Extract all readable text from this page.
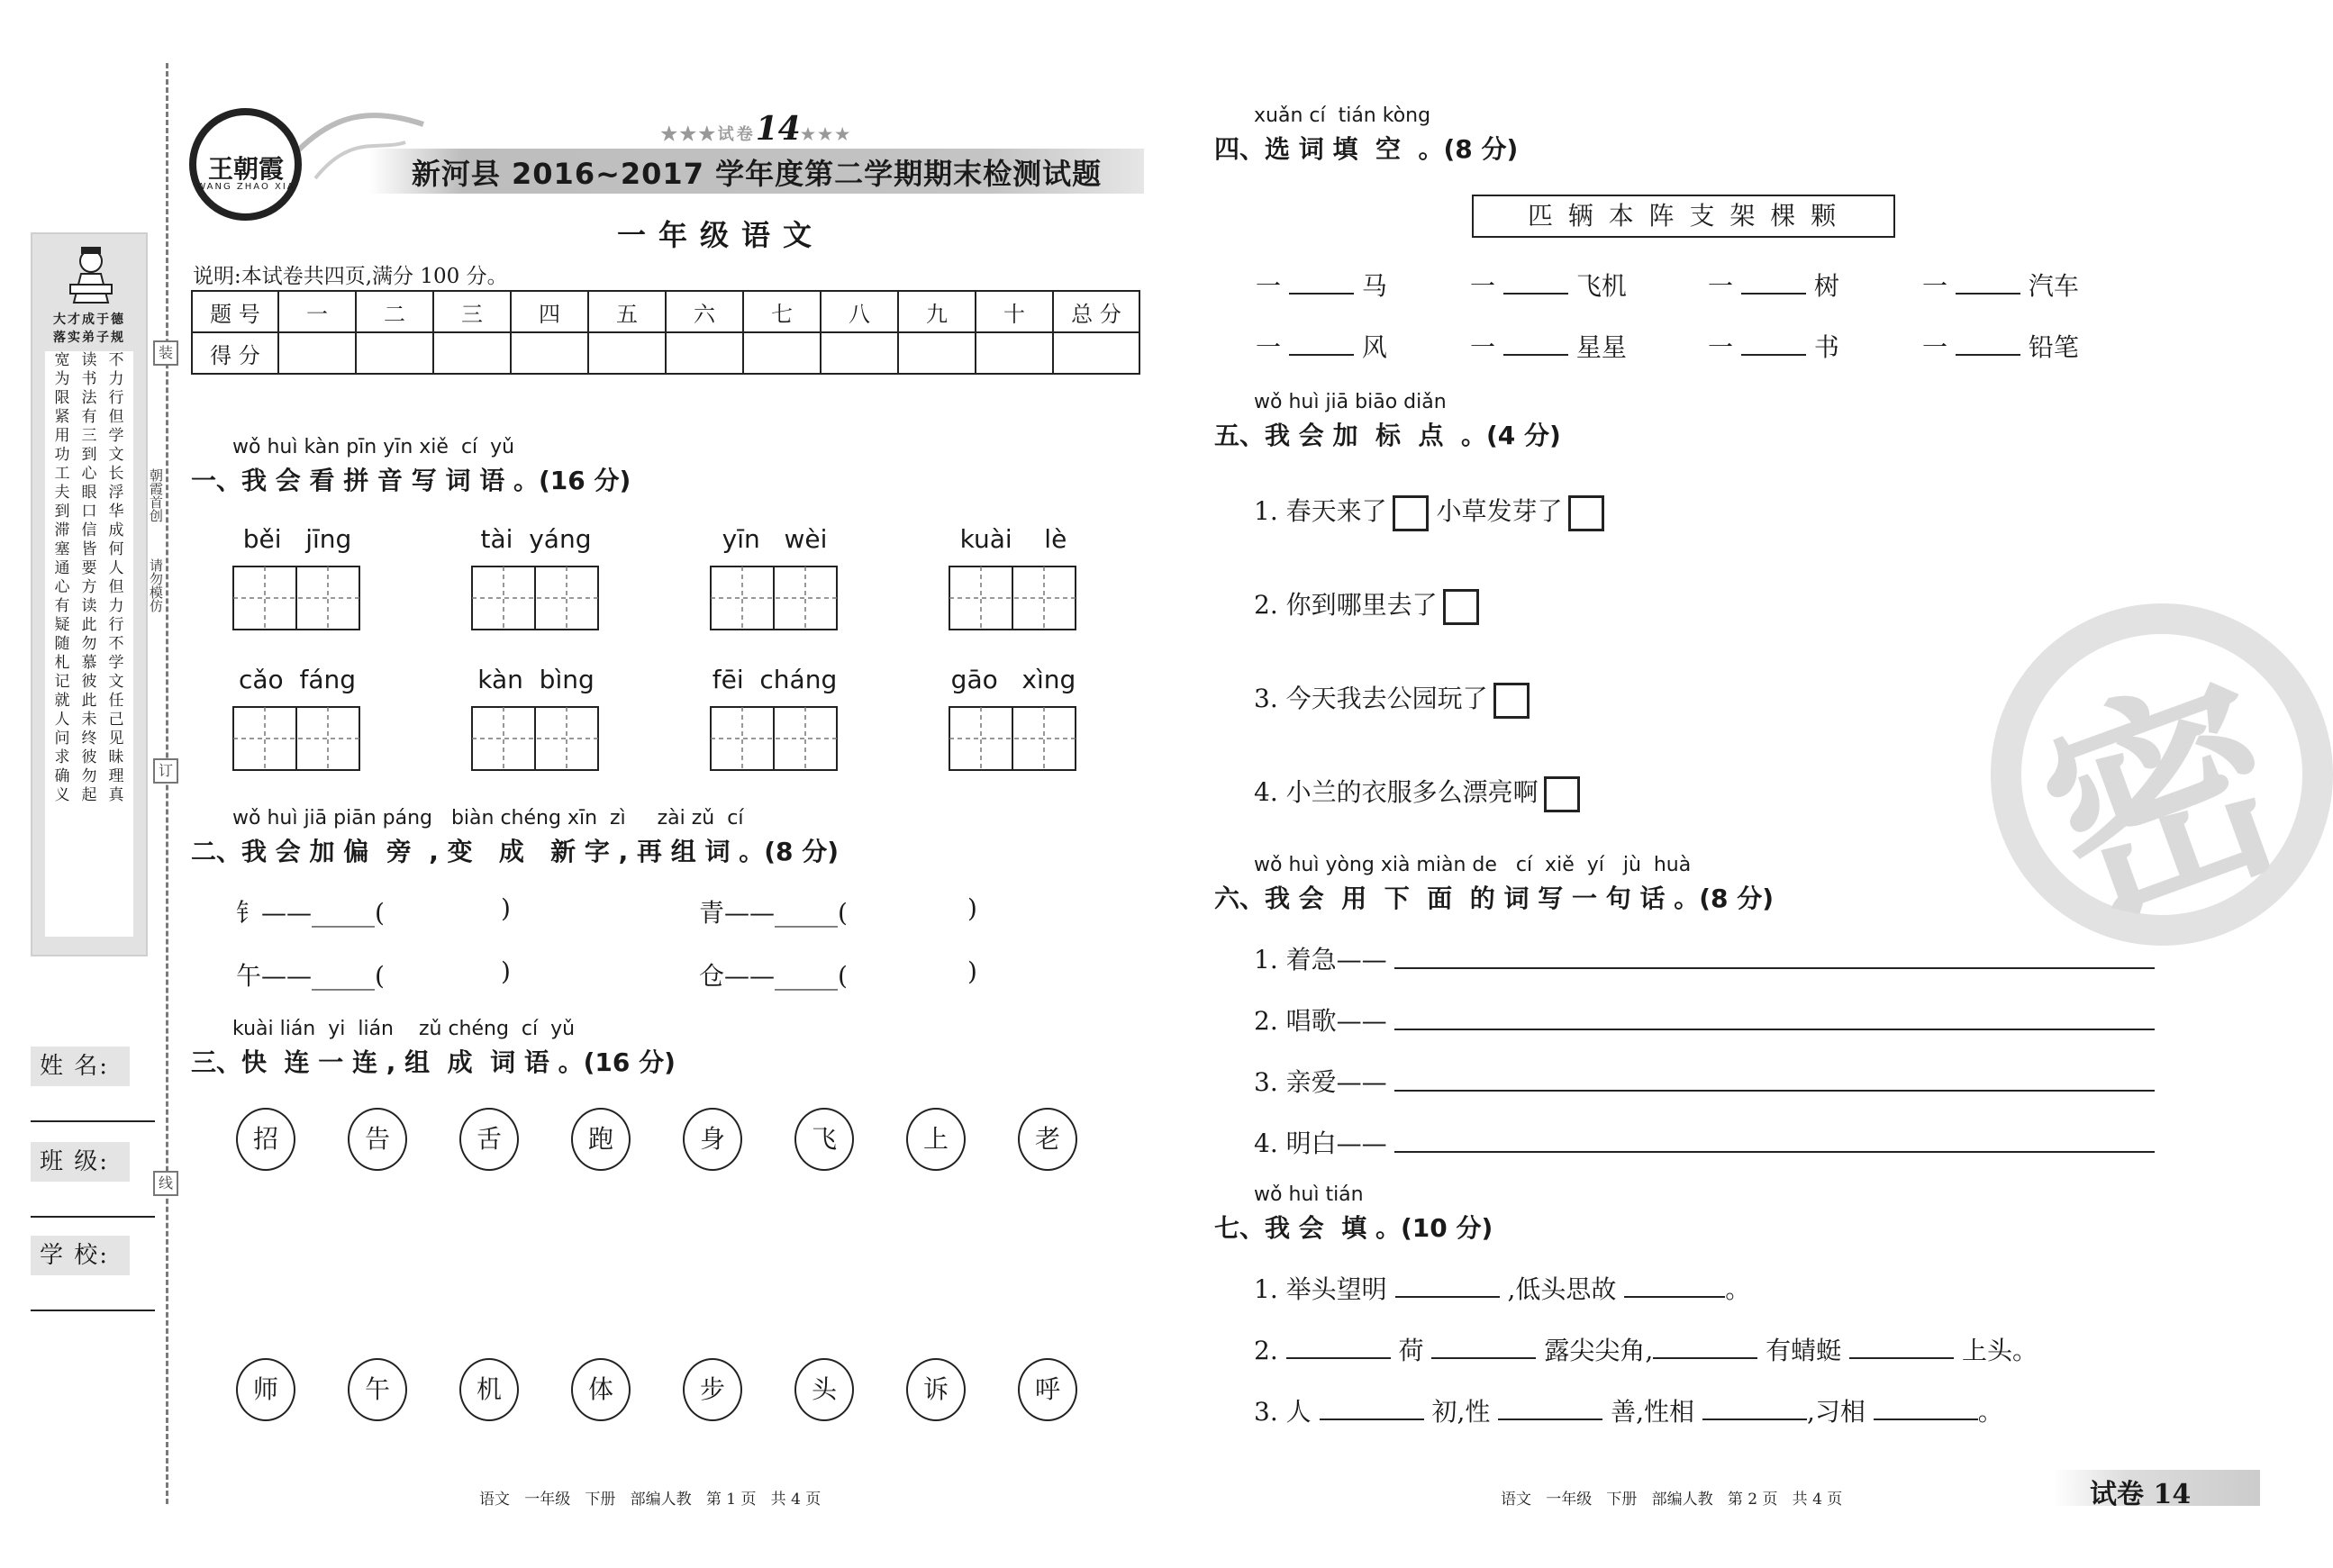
装
订
线
大才成于德
落实弟子规
宽为限紧用功工夫到滞塞通心有疑随札记就人问求确义
读书法有三到心眼口信皆要方读此勿慕彼此未终彼勿起
不力行但学文长浮华成何人但力行不学文任己见昧理真
朝霞首创
请勿模仿
姓 名:
班 级:
学 校:
王朝霞
WANG ZHAO XIA
★★★试卷14★★★
新河县 2016~2017 学年度第二学期期末检测试题
一年级语文
说明:本试卷共四页,满分 100 分。
题 号	一	二	三	四	五	六	七	八	九	十	总 分
得 分											
wǒ huì kàn pīn yīn xiě  cí  yǔ
一、我 会 看 拼 音 写 词 语 。(16 分)
běi   jīng	tài  yáng	yīn   wèi	kuài    lè
cǎo  fáng	kàn  bìng	fēi  cháng	gāo   xìng
wǒ huì jiā piān páng   biàn chéng xīn  zì     zài zǔ  cí
二、我 会 加 偏  旁  , 变   成   新 字 , 再 组 词 。(8 分)
钅——_____(	)	青——_____(	)
午——_____(	)	仓——_____(	)
kuài lián  yi  lián    zǔ chéng  cí  yǔ
三、快  连 一 连 , 组  成  词 语 。(16 分)
招	告	舌	跑	身	飞	上	老
师	午	机	体	步	头	诉	呼
语文   一年级   下册   部编人教   第 1 页   共 4 页
密
xuǎn cí  tián kòng
四、选 词 填  空  。(8 分)
匹 辆 本 阵 支 架 棵 颗
一	马	一	飞机	一	树	一	汽车
一	风	一	星星	一	书	一	铅笔
wǒ huì jiā biāo diǎn
五、我 会 加  标  点  。(4 分)
1. 春天来了 小草发芽了
2. 你到哪里去了
3. 今天我去公园玩了
4. 小兰的衣服多么漂亮啊
wǒ huì yòng xià miàn de   cí  xiě  yí   jù  huà
六、我 会  用  下  面  的 词 写 一 句 话 。(8 分)
1. 着急——
2. 唱歌——
3. 亲爱——
4. 明白——
wǒ huì tián
七、我 会  填 。(10 分)
1. 举头望明	,低头思故	。
2.	荷	露尖尖角,	有蜻蜓	上头。
3. 人	初,性	善,性相	,习相	。
语文   一年级   下册   部编人教   第 2 页   共 4 页	试卷 14
